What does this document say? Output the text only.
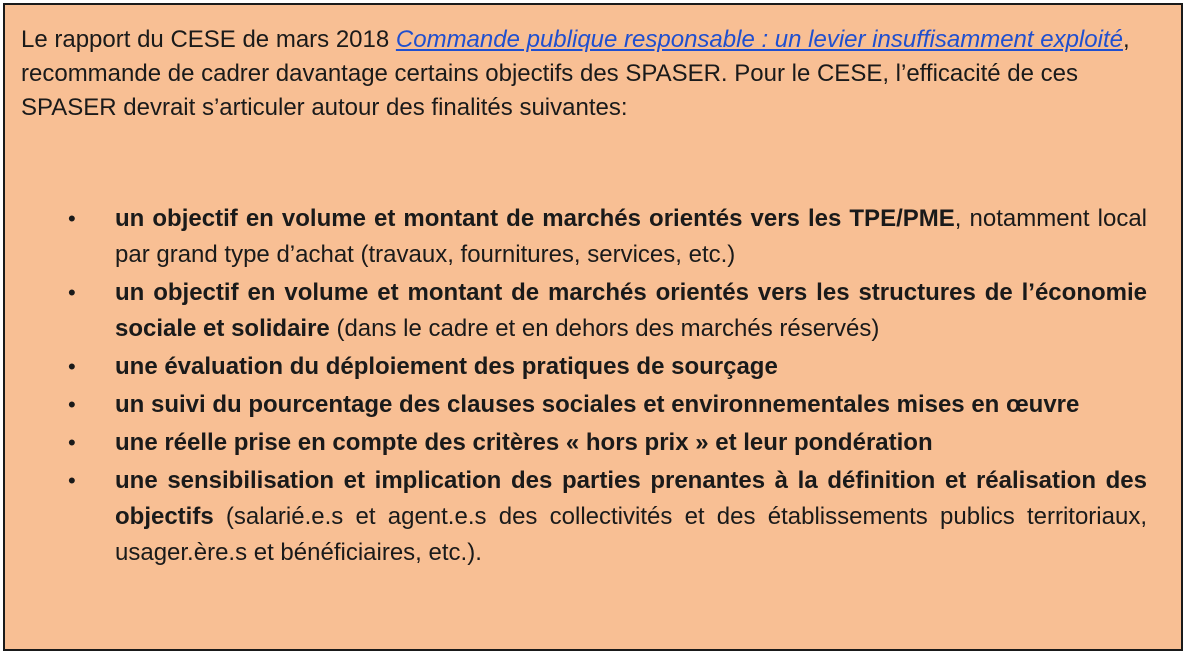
Le rapport du CESE de mars 2018 Commande publique responsable : un levier insuffisamment exploité, recommande de cadrer davantage certains objectifs des SPASER. Pour le CESE, l’efficacité de ces SPASER devrait s’articuler autour des finalités suivantes:

• un objectif en volume et montant de marchés orientés vers les TPE/PME, notamment local par grand type d’achat (travaux, fournitures, services, etc.)
• un objectif en volume et montant de marchés orientés vers les structures de l’économie sociale et solidaire (dans le cadre et en dehors des marchés réservés)
• une évaluation du déploiement des pratiques de sourçage
• un suivi du pourcentage des clauses sociales et environnementales mises en œuvre
• une réelle prise en compte des critères « hors prix » et leur pondération
• une sensibilisation et implication des parties prenantes à la définition et réalisation des objectifs (salarié.e.s et agent.e.s des collectivités et des établissements publics territoriaux, usager.ère.s et bénéficiaires, etc.).
